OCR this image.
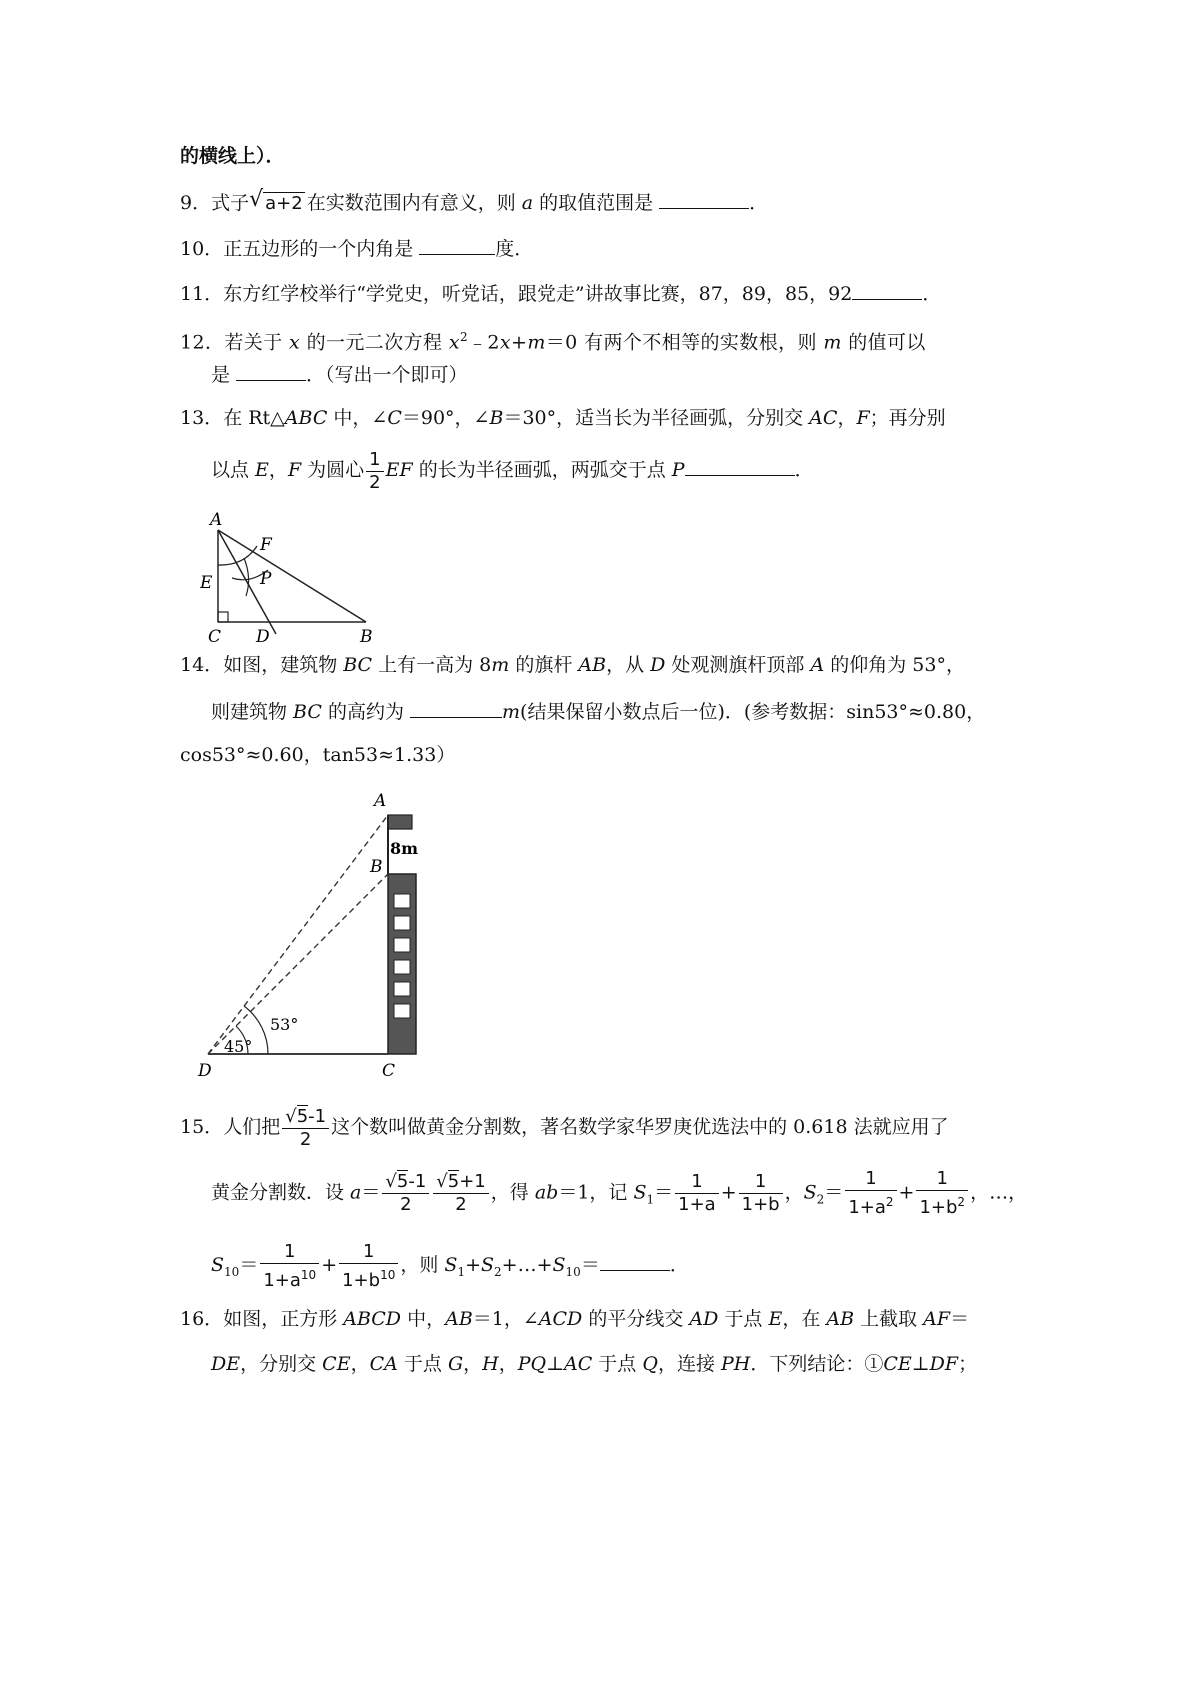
的横线上）．
9．式子 √ a+2 在实数范围内有意义，则 a 的取值范围是	．
10．正五边形的一个内角是	度．
11．东方红学校举行“学党史，听党话，跟党走”讲故事比赛，87，89，85，92	．
12．若关于 x 的一元二次方程 $x^2﹣2x+m=0$ 有两个不相等的实数根，则 m 的值可以
是	．（写出一个即可）
13．在 Rt△ABC 中，∠C＝90°，∠B＝30°，适当长为半径画弧，分别交 AC，F；再分别
以点 E，F 为圆心 $\frac{1}{2}$ EF 的长为半径画弧，两弧交于点 P	．
A
F
E	P
C D	B
14．如图，建筑物 BC 上有一高为 8m 的旗杆 AB，从 D 处观测旗杆顶部 A 的仰角为 53°，
则建筑物 BC 的高约为	m(结果保留小数点后一位)．(参考数据：sin53°≈0.80，
cos53°≈0.60，tan53≈1.33）
45°
53°
8m
A
B
C
D
15．人们把 $\frac{√5-1}{2}$ 这个数叫做黄金分割数，著名数学家华罗庚优选法中的 0.618 法就应用了
黄金分割数．设 $a= \frac{√5-1}{2} \frac{√5+1}{2}$ ，得 ab＝1，记 $S_1= \frac{1}{1+a} + \frac{1}{1+b}$ ，$S_2= \frac{1}{1+a^2} + \frac{1}{1+b^2}$ ，…，
$S_{10}= \frac{1}{1+a^{10}} + \frac{1}{1+b^{10}}$ ，则 $S_1+S_2+\dots+S_{10}=$	．
16．如图，正方形 ABCD 中，AB＝1，∠ACD 的平分线交 AD 于点 E，在 AB 上截取 AF＝
DE，分别交 CE，CA 于点 G，H，PQ⊥AC 于点 Q，连接 PH．下列结论：①CE⊥DF；
